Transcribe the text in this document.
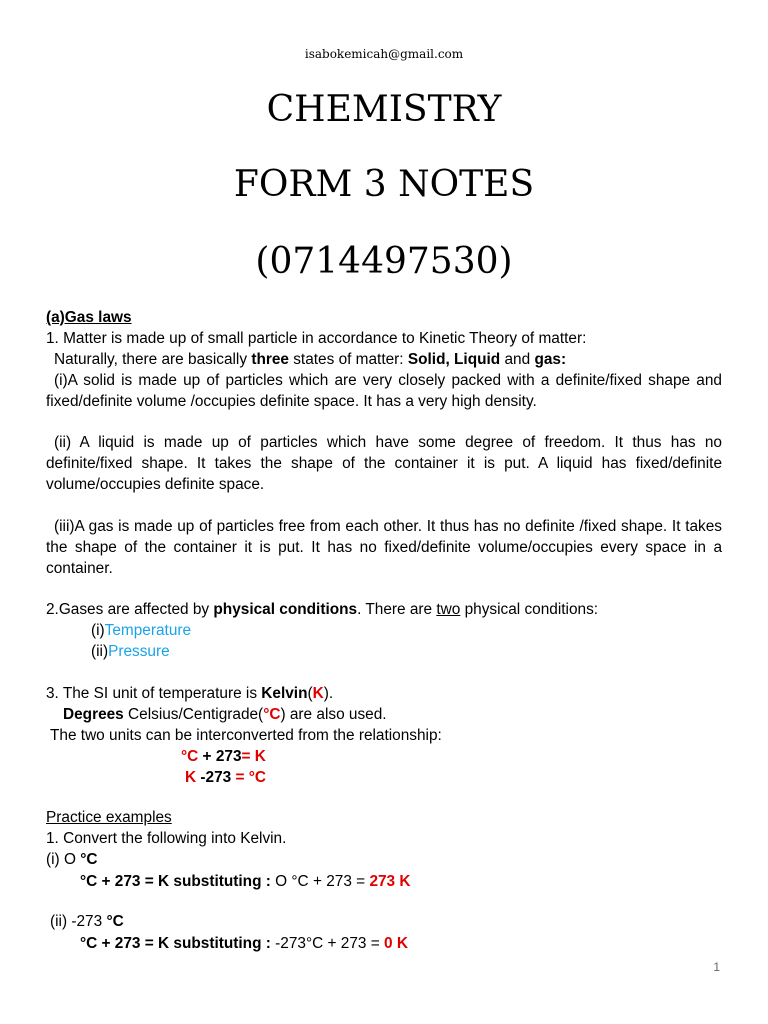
isabokemicah@gmail.com
CHEMISTRY
FORM 3 NOTES
(0714497530)
(a)Gas laws
1. Matter is made up of small particle in accordance to Kinetic Theory of matter:
Naturally, there are basically three states of matter: Solid, Liquid and gas:
(i)A solid is made up of particles which are very closely packed with a definite/fixed shape and fixed/definite volume /occupies definite space. It has a very high density.
(ii) A liquid is made up of particles which have some degree of freedom. It thus has no definite/fixed shape. It takes the shape of the container it is put. A liquid has fixed/definite volume/occupies definite space.
(iii)A gas is made up of particles free from each other. It thus has no definite /fixed shape. It takes the shape of the container it is put. It has no fixed/definite volume/occupies every space in a container.
2.Gases are affected by physical conditions. There are two physical conditions:
(i)Temperature
(ii)Pressure
3. The SI unit of temperature is Kelvin(K).
Degrees Celsius/Centigrade(°C) are also used.
The two units can be interconverted from the relationship:
°C + 273= K
K -273 = °C
Practice examples
1. Convert the following into Kelvin.
(i) O °C
°C + 273 = K substituting : O °C + 273 = 273 K
(ii) -273 °C
°C + 273 = K substituting : -273°C + 273 = 0 K
1
